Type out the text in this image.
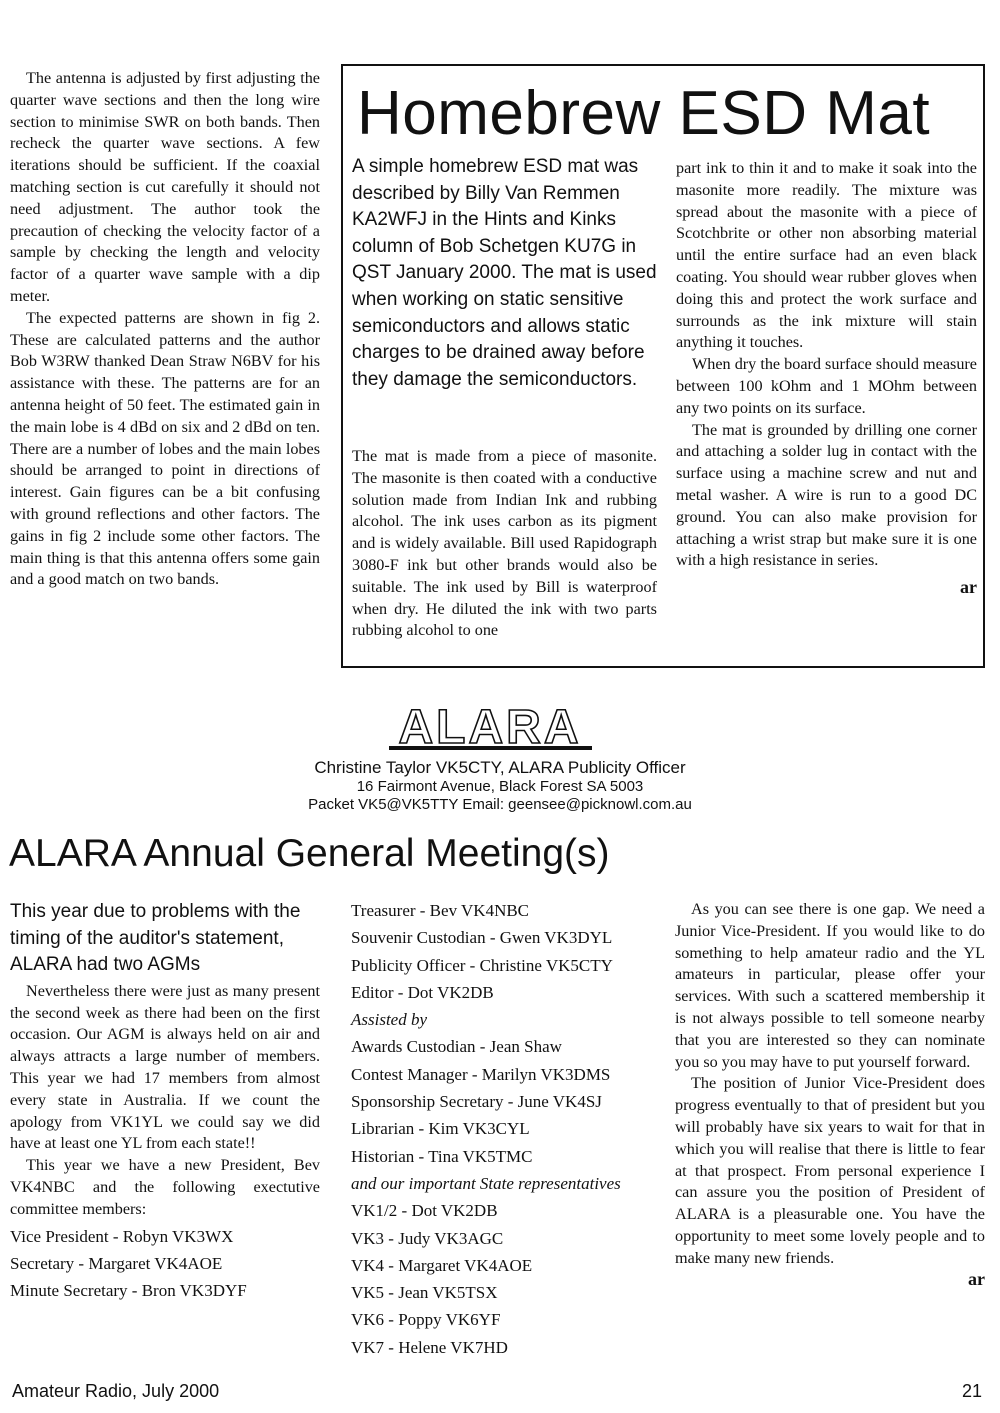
The antenna is adjusted by first adjusting the quarter wave sections and then the long wire section to minimise SWR on both bands. Then recheck the quarter wave sections. A few iterations should be sufficient. If the coaxial matching section is cut carefully it should not need adjustment. The author took the precaution of checking the velocity factor of a sample by checking the length and velocity factor of a quarter wave sample with a dip meter.

The expected patterns are shown in fig 2. These are calculated patterns and the author Bob W3RW thanked Dean Straw N6BV for his assistance with these. The patterns are for an antenna height of 50 feet. The estimated gain in the main lobe is 4 dBd on six and 2 dBd on ten. There are a number of lobes and the main lobes should be arranged to point in directions of interest. Gain figures can be a bit confusing with ground reflections and other factors. The gains in fig 2 include some other factors. The main thing is that this antenna offers some gain and a good match on two bands.

Homebrew ESD Mat
A simple homebrew ESD mat was described by Billy Van Remmen KA2WFJ in the Hints and Kinks column of Bob Schetgen KU7G in QST January 2000. The mat is used when working on static sensitive semiconductors and allows static charges to be drained away before they damage the semiconductors.

The mat is made from a piece of masonite. The masonite is then coated with a conductive solution made from Indian Ink and rubbing alcohol. The ink uses carbon as its pigment and is widely available. Bill used Rapidograph 3080-F ink but other brands would also be suitable. The ink used by Bill is waterproof when dry. He diluted the ink with two parts rubbing alcohol to one

part ink to thin it and to make it soak into the masonite more readily. The mixture was spread about the masonite with a piece of Scotchbrite or other non absorbing material until the entire surface had an even black coating. You should wear rubber gloves when doing this and protect the work surface and surrounds as the ink mixture will stain anything it touches.

When dry the board surface should measure between 100 kOhm and 1 MOhm between any two points on its surface.

The mat is grounded by drilling one corner and attaching a solder lug in contact with the surface using a machine screw and nut and metal washer. A wire is run to a good DC ground. You can also make provision for attaching a wrist strap but make sure it is one with a high resistance in series.

ar
ALARA
Christine Taylor VK5CTY, ALARA Publicity Officer
16 Fairmont Avenue, Black Forest SA 5003
Packet VK5@VK5TTY Email: geensee@picknowl.com.au
ALARA Annual General Meeting(s)
This year due to problems with the timing of the auditor's statement, ALARA had two AGMs

Nevertheless there were just as many present the second week as there had been on the first occasion. Our AGM is always held on air and always attracts a large number of members. This year we had 17 members from almost every state in Australia. If we count the apology from VK1YL we could say we did have at least one YL from each state!!

This year we have a new President, Bev VK4NBC and the following exectutive committee members:

Vice President - Robyn VK3WX
Secretary - Margaret VK4AOE
Minute Secretary - Bron VK3DYF
Treasurer - Bev VK4NBC
Souvenir Custodian - Gwen VK3DYL
Publicity Officer - Christine VK5CTY
Editor - Dot VK2DB
Assisted by
Awards Custodian - Jean Shaw
Contest Manager - Marilyn VK3DMS
Sponsorship Secretary - June VK4SJ
Librarian - Kim VK3CYL
Historian - Tina VK5TMC
and our important State representatives
VK1/2 - Dot VK2DB
VK3 - Judy VK3AGC
VK4 - Margaret VK4AOE
VK5 - Jean VK5TSX
VK6 - Poppy VK6YF
VK7 - Helene VK7HD

As you can see there is one gap. We need a Junior Vice-President. If you would like to do something to help amateur radio and the YL amateurs in particular, please offer your services. With such a scattered membership it is not always possible to tell someone nearby that you are interested so they can nominate you so you may have to put yourself forward.

The position of Junior Vice-President does progress eventually to that of president but you will probably have six years to wait for that in which you will realise that there is little to fear at that prospect. From personal experience I can assure you the position of President of ALARA is a pleasurable one. You have the opportunity to meet some lovely people and to make many new friends.

ar
Amateur Radio, July 2000	21
